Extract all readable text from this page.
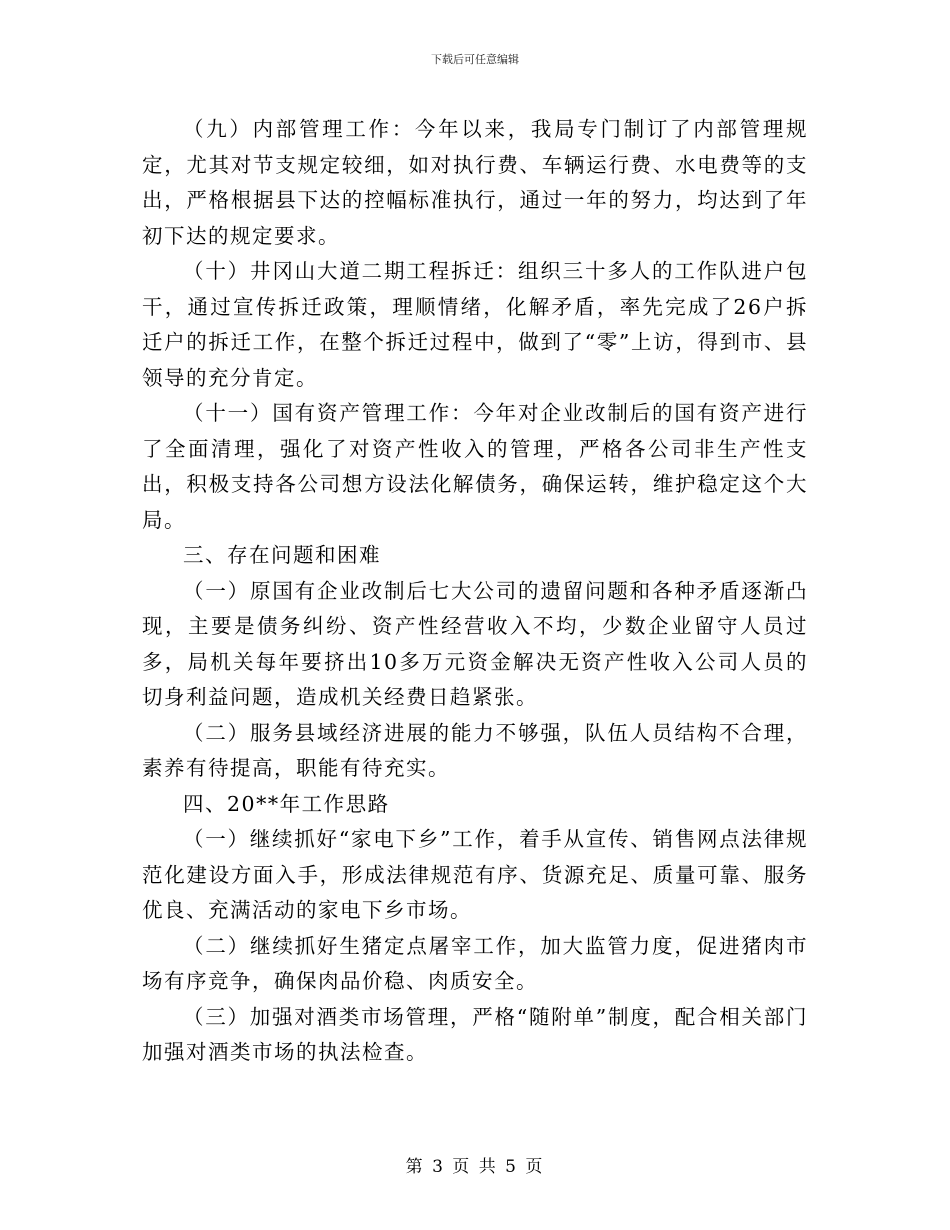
下载后可任意编辑

（九）内部管理工作：今年以来，我局专门制订了内部管理规定，尤其对节支规定较细，如对执行费、车辆运行费、水电费等的支出，严格根据县下达的控幅标准执行，通过一年的努力，均达到了年初下达的规定要求。

（十）井冈山大道二期工程拆迁：组织三十多人的工作队进户包干，通过宣传拆迁政策，理顺情绪，化解矛盾，率先完成了26户拆迁户的拆迁工作，在整个拆迁过程中，做到了“零”上访，得到市、县领导的充分肯定。

（十一）国有资产管理工作：今年对企业改制后的国有资产进行了全面清理，强化了对资产性收入的管理，严格各公司非生产性支出，积极支持各公司想方设法化解债务，确保运转，维护稳定这个大局。

三、存在问题和困难

（一）原国有企业改制后七大公司的遗留问题和各种矛盾逐渐凸现，主要是债务纠纷、资产性经营收入不均，少数企业留守人员过多，局机关每年要挤出10多万元资金解决无资产性收入公司人员的切身利益问题，造成机关经费日趋紧张。

（二）服务县域经济进展的能力不够强，队伍人员结构不合理，素养有待提高，职能有待充实。

四、20**年工作思路

（一）继续抓好“家电下乡”工作，着手从宣传、销售网点法律规范化建设方面入手，形成法律规范有序、货源充足、质量可靠、服务优良、充满活动的家电下乡市场。

（二）继续抓好生猪定点屠宰工作，加大监管力度，促进猪肉市场有序竞争，确保肉品价稳、肉质安全。

（三）加强对酒类市场管理，严格“随附单”制度，配合相关部门加强对酒类市场的执法检查。

第 3 页 共 5 页
